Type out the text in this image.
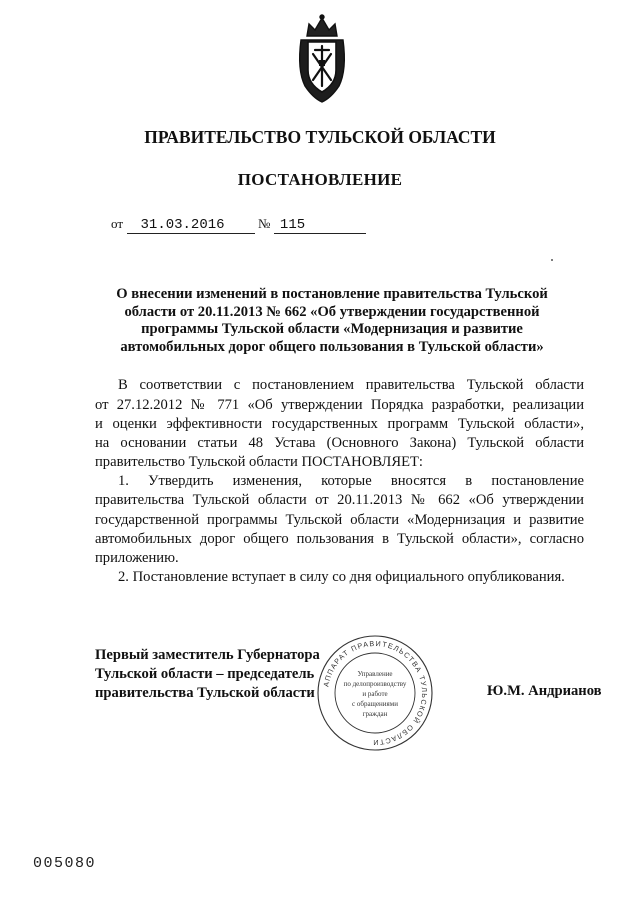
ПРАВИТЕЛЬСТВО ТУЛЬСКОЙ ОБЛАСТИ
ПОСТАНОВЛЕНИЕ
от 31.03.2016	№ 115
О внесении изменений в постановление правительства Тульской
области от 20.11.2013 № 662 «Об утверждении государственной
программы Тульской области «Модернизация и развитие
автомобильных дорог общего пользования в Тульской области»
В соответствии с постановлением правительства Тульской области
от 27.12.2012 № 771 «Об утверждении Порядка разработки, реализации
и оценки эффективности государственных программ Тульской области»,
на основании статьи 48 Устава (Основного Закона) Тульской области
правительство Тульской области ПОСТАНОВЛЯЕТ:
1. Утвердить изменения, которые вносятся в постановление
правительства Тульской области от 20.11.2013 № 662 «Об утверждении
государственной программы Тульской области «Модернизация и развитие
автомобильных дорог общего пользования в Тульской области», согласно
приложению.
2. Постановление вступает в силу со дня официального опубликования.
Первый заместитель Губернатора
Тульской области – председатель
правительства Тульской области	Ю.М. Андрианов
АППАРАТ ПРАВИТЕЛЬСТВА ТУЛЬСКОЙ ОБЛАСТИ
Управление
по делопроизводству
и работе
с обращениями
граждан
005080
